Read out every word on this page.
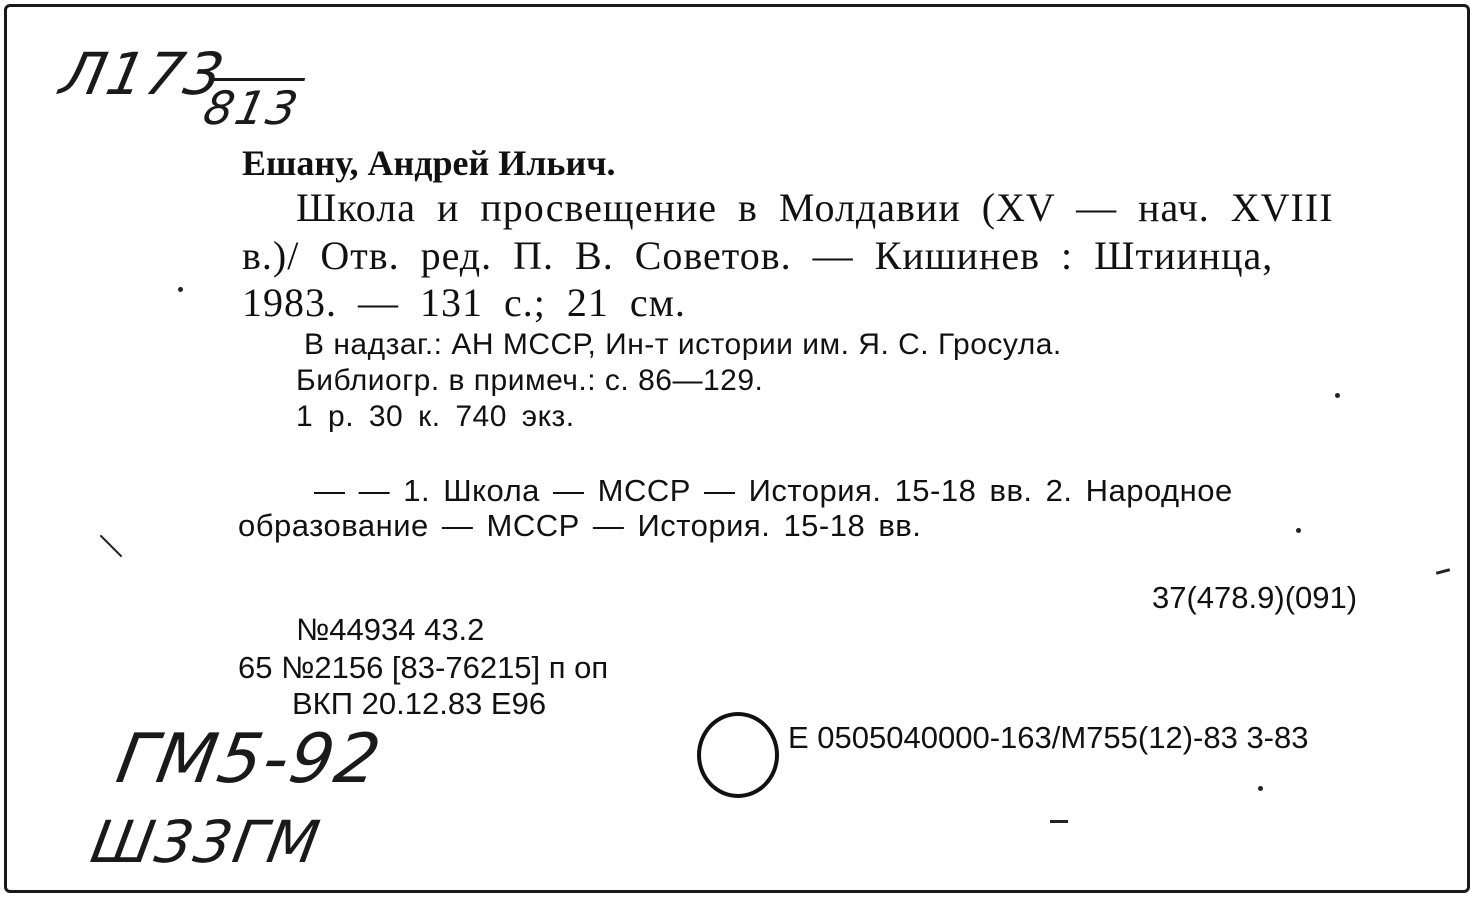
Л173
813
Ешану, Андрей Ильич.
Школа и просвещение в Молдавии (XV — нач. XVIII
в.)/ Отв. ред. П. В. Советов. — Кишинев : Штиинца,
1983. — 131 с.; 21 см.
В надзаг.: АН МССР, Ин-т истории им. Я. С. Гросула.
Библиогр. в примеч.: с. 86—129.
1 р. 30 к. 740 экз.
— — 1. Школа — МССР — История. 15-18 вв. 2. Народное
образование — МССР — История. 15-18 вв.
37(478.9)(091)
№44934 43.2
65 №2156 [83-76215] п оп
ВКП 20.12.83 Е96
Е 0505040000-163/М755(12)-83 3-83
ГМ5-92
Ш33ГМ
